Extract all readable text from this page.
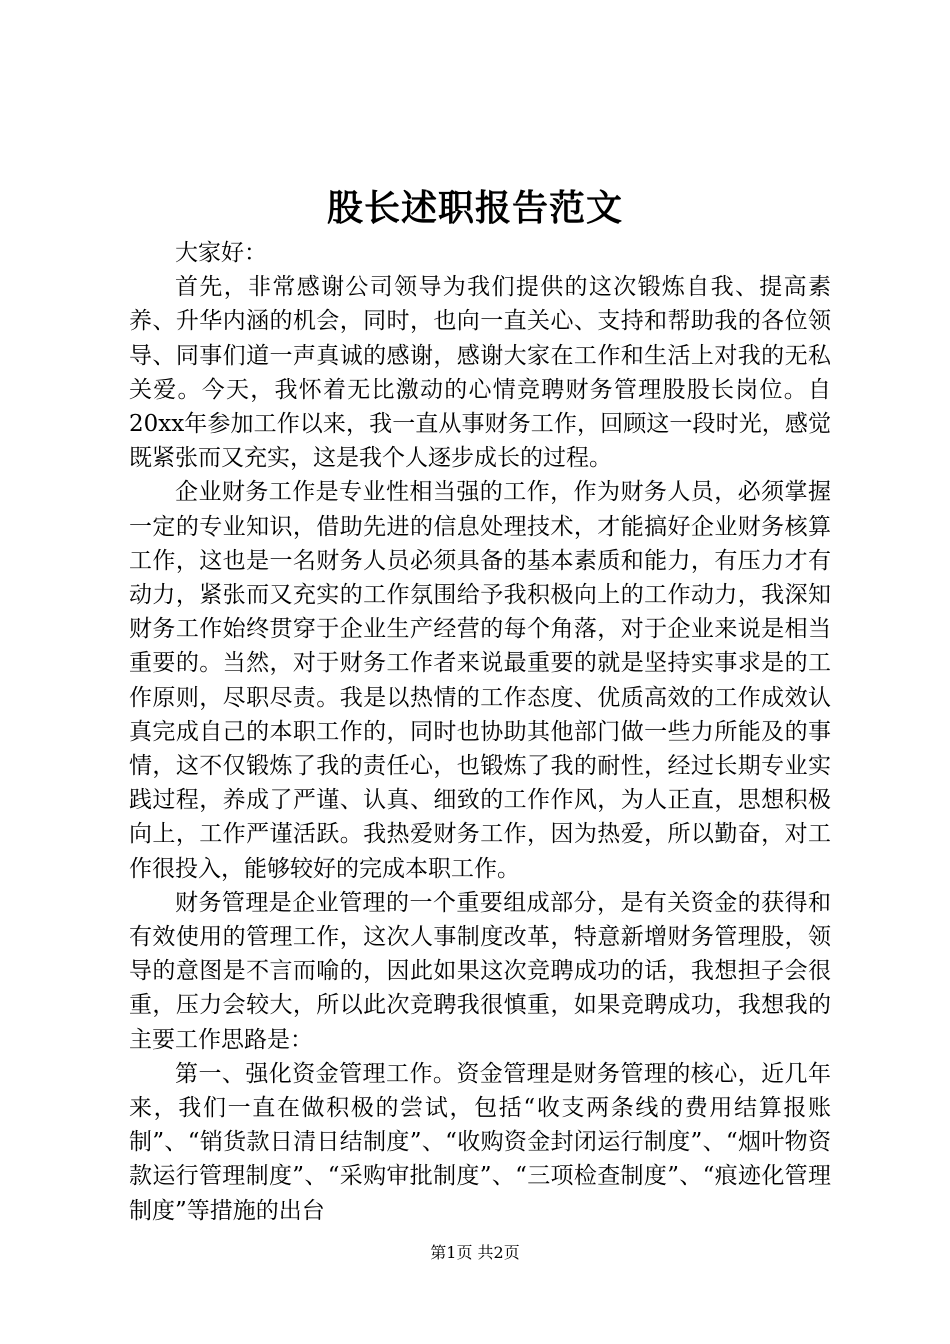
股长述职报告范文

大家好：

首先，非常感谢公司领导为我们提供的这次锻炼自我、提高素养、升华内涵的机会，同时，也向一直关心、支持和帮助我的各位领导、同事们道一声真诚的感谢，感谢大家在工作和生活上对我的无私关爱。今天，我怀着无比激动的心情竞聘财务管理股股长岗位。自20xx年参加工作以来，我一直从事财务工作，回顾这一段时光，感觉既紧张而又充实，这是我个人逐步成长的过程。

企业财务工作是专业性相当强的工作，作为财务人员，必须掌握一定的专业知识，借助先进的信息处理技术，才能搞好企业财务核算工作，这也是一名财务人员必须具备的基本素质和能力，有压力才有动力，紧张而又充实的工作氛围给予我积极向上的工作动力，我深知财务工作始终贯穿于企业生产经营的每个角落，对于企业来说是相当重要的。当然，对于财务工作者来说最重要的就是坚持实事求是的工作原则，尽职尽责。我是以热情的工作态度、优质高效的工作成效认真完成自己的本职工作的，同时也协助其他部门做一些力所能及的事情，这不仅锻炼了我的责任心，也锻炼了我的耐性，经过长期专业实践过程，养成了严谨、认真、细致的工作作风，为人正直，思想积极向上，工作严谨活跃。我热爱财务工作，因为热爱，所以勤奋，对工作很投入，能够较好的完成本职工作。

财务管理是企业管理的一个重要组成部分，是有关资金的获得和有效使用的管理工作，这次人事制度改革，特意新增财务管理股，领导的意图是不言而喻的，因此如果这次竞聘成功的话，我想担子会很重，压力会较大，所以此次竞聘我很慎重，如果竞聘成功，我想我的主要工作思路是：

第一、强化资金管理工作。资金管理是财务管理的核心，近几年来，我们一直在做积极的尝试，包括“收支两条线的费用结算报账制”、“销货款日清日结制度”、“收购资金封闭运行制度”、“烟叶物资款运行管理制度”、“采购审批制度”、“三项检查制度”、“痕迹化管理制度”等措施的出台

第1页 共2页
